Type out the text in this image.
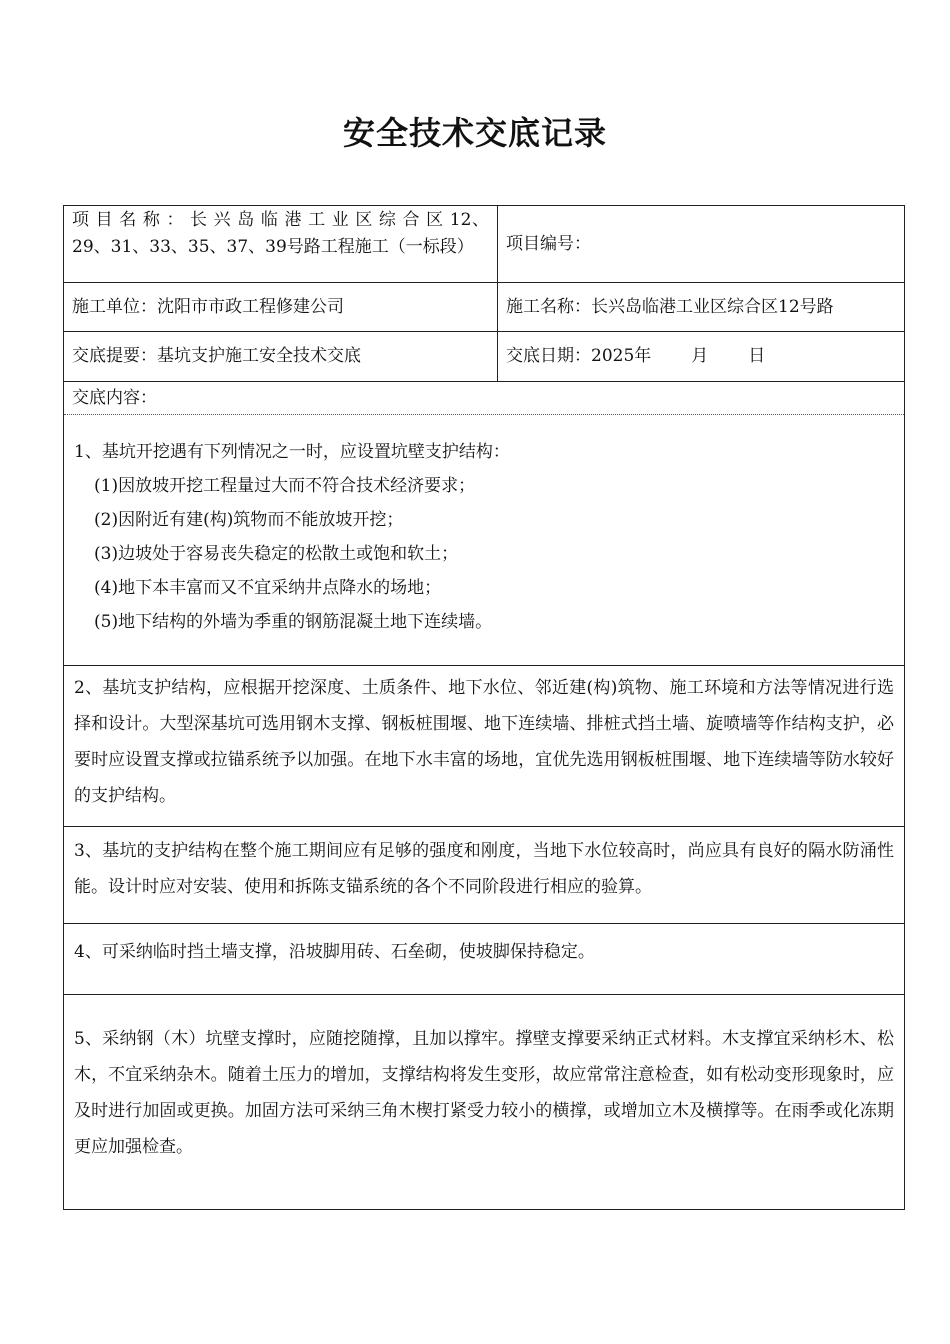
安全技术交底记录
项 目 名 称 ： 长 兴 岛 临 港 工 业 区 综 合 区 12、29、31、33、35、37、39号路工程施工（一标段）	项目编号：
施工单位：沈阳市市政工程修建公司	施工名称：长兴岛临港工业区综合区12号路
交底提要：基坑支护施工安全技术交底	交底日期：2025年 月 日
交底内容：
1、基坑开挖遇有下列情况之一时，应设置坑壁支护结构：
(1)因放坡开挖工程量过大而不符合技术经济要求；
(2)因附近有建(构)筑物而不能放坡开挖；
(3)边坡处于容易丧失稳定的松散土或饱和软土；
(4)地下本丰富而又不宜采纳井点降水的场地；
(5)地下结构的外墙为季重的钢筋混凝土地下连续墙。
2、基坑支护结构，应根据开挖深度、土质条件、地下水位、邻近建(构)筑物、施工环境和方法等情况进行选择和设计。大型深基坑可选用钢木支撑、钢板桩围堰、地下连续墙、排桩式挡土墙、旋喷墙等作结构支护，必要时应设置支撑或拉锚系统予以加强。在地下水丰富的场地，宜优先选用钢板桩围堰、地下连续墙等防水较好的支护结构。
3、基坑的支护结构在整个施工期间应有足够的强度和刚度，当地下水位较高时，尚应具有良好的隔水防涌性能。设计时应对安装、使用和拆陈支锚系统的各个不同阶段进行相应的验算。
4、可采纳临时挡土墙支撑，沿坡脚用砖、石垒砌，使坡脚保持稳定。
5、采纳钢（木）坑壁支撑时，应随挖随撑，且加以撑牢。撑壁支撑要采纳正式材料。木支撑宜采纳杉木、松木，不宜采纳杂木。随着土压力的增加，支撑结构将发生变形，故应常常注意检查，如有松动变形现象时，应及时进行加固或更换。加固方法可采纳三角木楔打紧受力较小的横撑，或增加立木及横撑等。在雨季或化冻期更应加强检查。
